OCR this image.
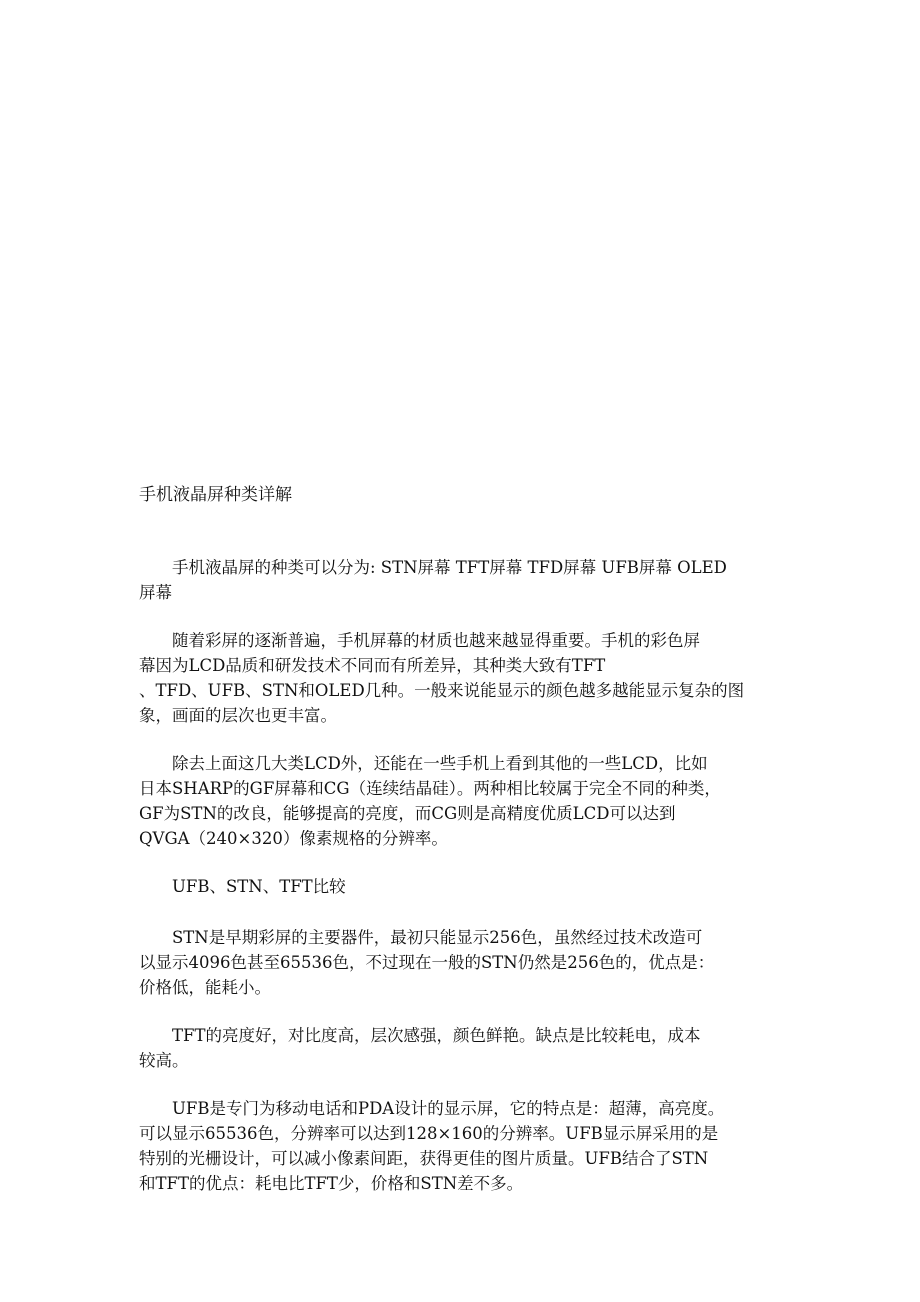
手机液晶屏种类详解

手机液晶屏的种类可以分为: STN屏幕 TFT屏幕 TFD屏幕 UFB屏幕 OLED
屏幕

随着彩屏的逐渐普遍，手机屏幕的材质也越来越显得重要。手机的彩色屏
幕因为LCD品质和研发技术不同而有所差异，其种类大致有TFT
、TFD、UFB、STN和OLED几种。一般来说能显示的颜色越多越能显示复杂的图
象，画面的层次也更丰富。

除去上面这几大类LCD外，还能在一些手机上看到其他的一些LCD，比如
日本SHARP的GF屏幕和CG（连续结晶硅）。两种相比较属于完全不同的种类，
GF为STN的改良，能够提高的亮度，而CG则是高精度优质LCD可以达到
QVGA（240×320）像素规格的分辨率。

UFB、STN、TFT比较

STN是早期彩屏的主要器件，最初只能显示256色，虽然经过技术改造可
以显示4096色甚至65536色，不过现在一般的STN仍然是256色的，优点是：
价格低，能耗小。

TFT的亮度好，对比度高，层次感强，颜色鲜艳。缺点是比较耗电，成本
较高。

UFB是专门为移动电话和PDA设计的显示屏，它的特点是：超薄，高亮度。
可以显示65536色，分辨率可以达到128×160的分辨率。UFB显示屏采用的是
特别的光栅设计，可以减小像素间距，获得更佳的图片质量。UFB结合了STN
和TFT的优点：耗电比TFT少，价格和STN差不多。
